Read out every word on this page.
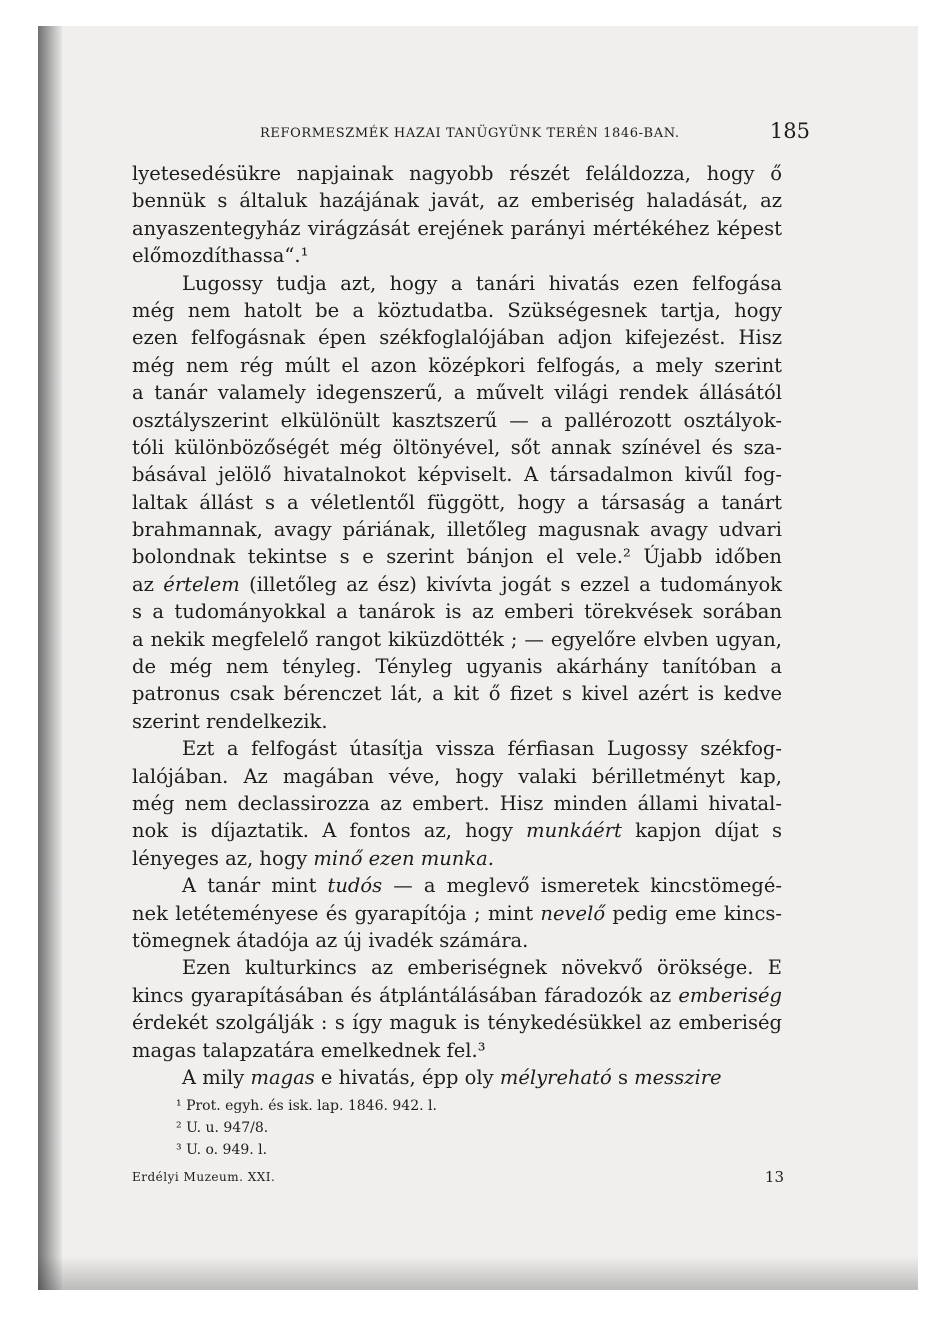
REFORMESZMÉK HAZAI TANÜGYÜNK TERÉN 1846-BAN.	185
lyetesedésükre napjainak nagyobb részét feláldozza, hogy ő
bennük s általuk hazájának javát, az emberiség haladását, az
anyaszentegyház virágzását erejének parányi mértékéhez képest
előmozdíthassa“.¹
Lugossy tudja azt, hogy a tanári hivatás ezen felfogása
még nem hatolt be a köztudatba. Szükségesnek tartja, hogy
ezen felfogásnak épen székfoglalójában adjon kifejezést. Hisz
még nem rég múlt el azon középkori felfogás, a mely szerint
a tanár valamely idegenszerű, a művelt világi rendek állásától
osztályszerint elkülönült kasztszerű — a pallérozott osztályok-
tóli különbözőségét még öltönyével, sőt annak színével és sza-
básával jelölő hivatalnokot képviselt. A társadalmon kivűl fog-
laltak állást s a véletlentől függött, hogy a társaság a tanárt
brahmannak, avagy páriának, illetőleg magusnak avagy udvari
bolondnak tekintse s e szerint bánjon el vele.² Újabb időben
az értelem (illetőleg az ész) kivívta jogát s ezzel a tudományok
s a tudományokkal a tanárok is az emberi törekvések sorában
a nekik megfelelő rangot kiküzdötték ; — egyelőre elvben ugyan,
de még nem tényleg. Tényleg ugyanis akárhány tanítóban a
patronus csak bérenczet lát, a kit ő fizet s kivel azért is kedve
szerint rendelkezik.
Ezt a felfogást útasítja vissza férfiasan Lugossy székfog-
lalójában. Az magában véve, hogy valaki bérilletményt kap,
még nem declassirozza az embert. Hisz minden állami hivatal-
nok is díjaztatik. A fontos az, hogy munkáért kapjon díjat s
lényeges az, hogy minő ezen munka.
A tanár mint tudós — a meglevő ismeretek kincstömegé-
nek letéteményese és gyarapítója ; mint nevelő pedig eme kincs-
tömegnek átadója az új ivadék számára.
Ezen kulturkincs az emberiségnek növekvő öröksége. E
kincs gyarapításában és átplántálásában fáradozók az emberiség
érdekét szolgálják : s így maguk is ténykedésükkel az emberiség
magas talapzatára emelkednek fel.³
A mily magas e hivatás, épp oly mélyreható s messzire
¹ Prot. egyh. és isk. lap. 1846. 942. l.
² U. u. 947/8.
³ U. o. 949. l.
Erdélyi Muzeum. XXI.	13
